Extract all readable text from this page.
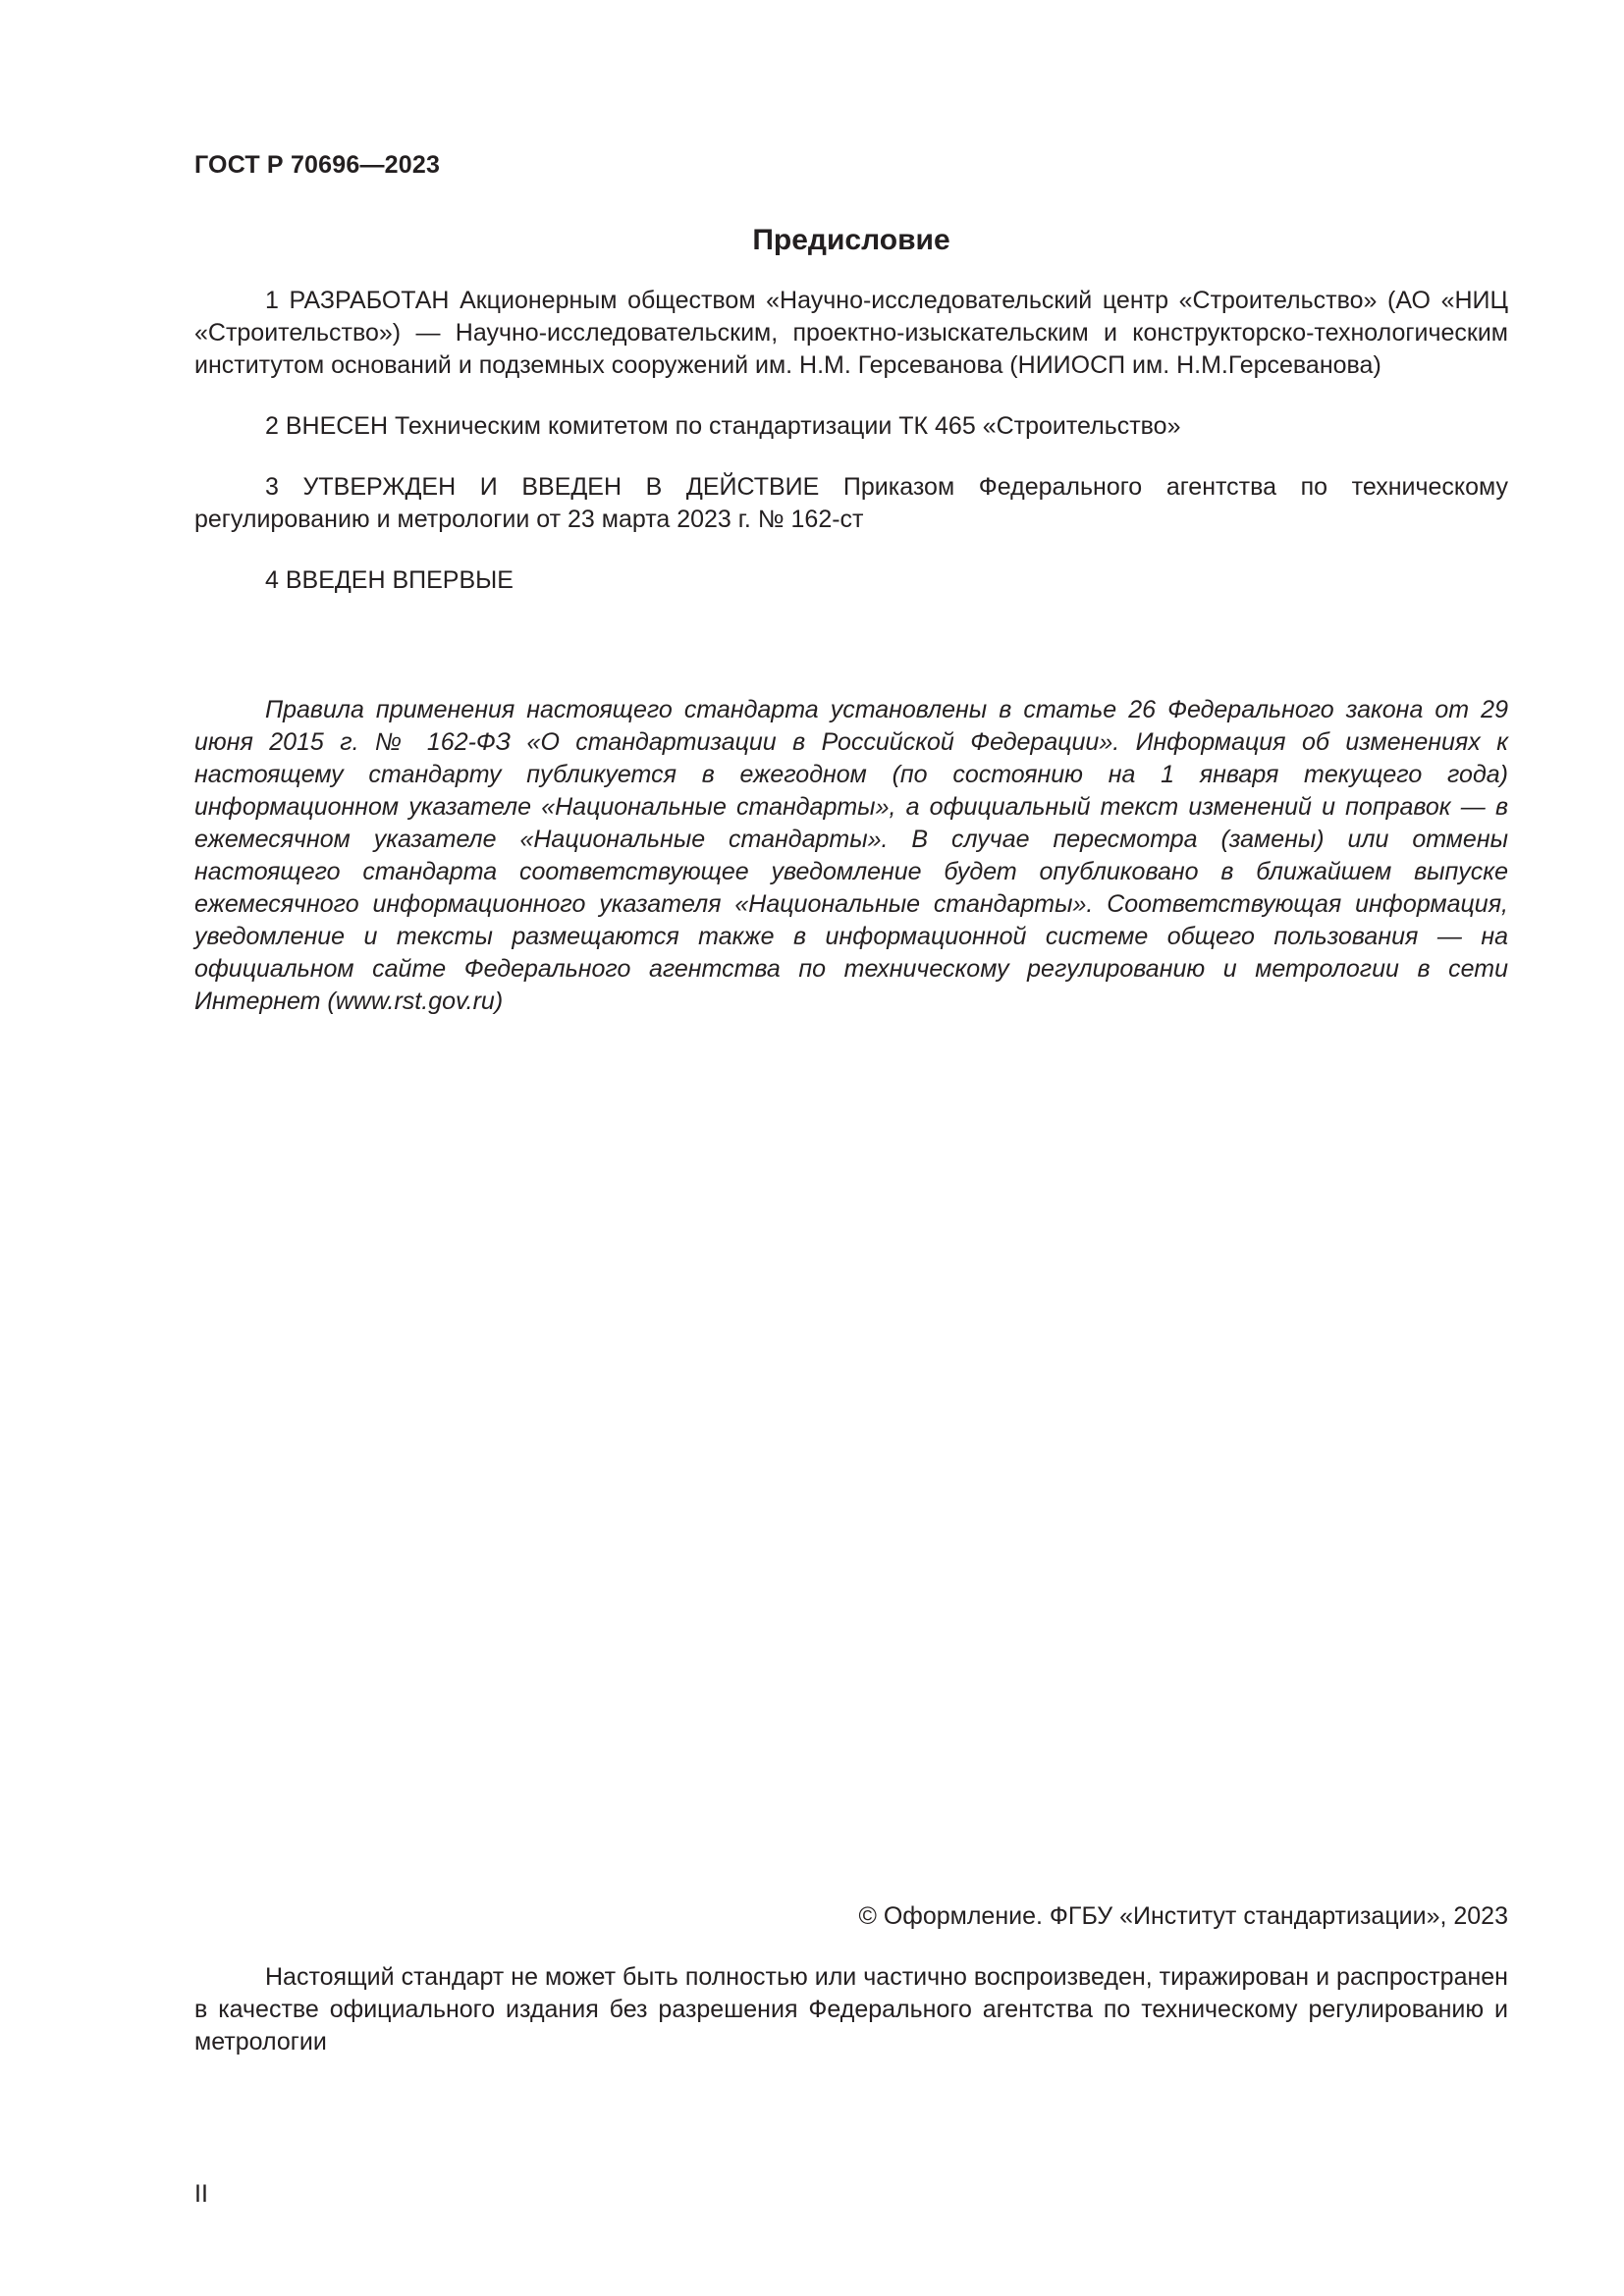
ГОСТ Р 70696—2023
Предисловие

1 РАЗРАБОТАН Акционерным обществом «Научно-исследовательский центр «Строительство» (АО «НИЦ «Строительство») — Научно-исследовательским, проектно-изыскательским и конструкторско-технологическим институтом оснований и подземных сооружений им. Н.М. Герсеванова (НИИОСП им. Н.М.Герсеванова)

2 ВНЕСЕН Техническим комитетом по стандартизации ТК 465 «Строительство»

3 УТВЕРЖДЕН И ВВЕДЕН В ДЕЙСТВИЕ Приказом Федерального агентства по техническому регулированию и метрологии от 23 марта 2023 г. № 162-ст

4 ВВЕДЕН ВПЕРВЫЕ

Правила применения настоящего стандарта установлены в статье 26 Федерального закона от 29 июня 2015 г. № 162-ФЗ «О стандартизации в Российской Федерации». Информация об изменениях к настоящему стандарту публикуется в ежегодном (по состоянию на 1 января текущего года) информационном указателе «Национальные стандарты», а официальный текст изменений и поправок — в ежемесячном указателе «Национальные стандарты». В случае пересмотра (замены) или отмены настоящего стандарта соответствующее уведомление будет опубликовано в ближайшем выпуске ежемесячного информационного указателя «Национальные стандарты». Соответствующая информация, уведомление и тексты размещаются также в информационной системе общего пользования — на официальном сайте Федерального агентства по техническому регулированию и метрологии в сети Интернет (www.rst.gov.ru)

© Оформление. ФГБУ «Институт стандартизации», 2023

Настоящий стандарт не может быть полностью или частично воспроизведен, тиражирован и распространен в качестве официального издания без разрешения Федерального агентства по техническому регулированию и метрологии

II
